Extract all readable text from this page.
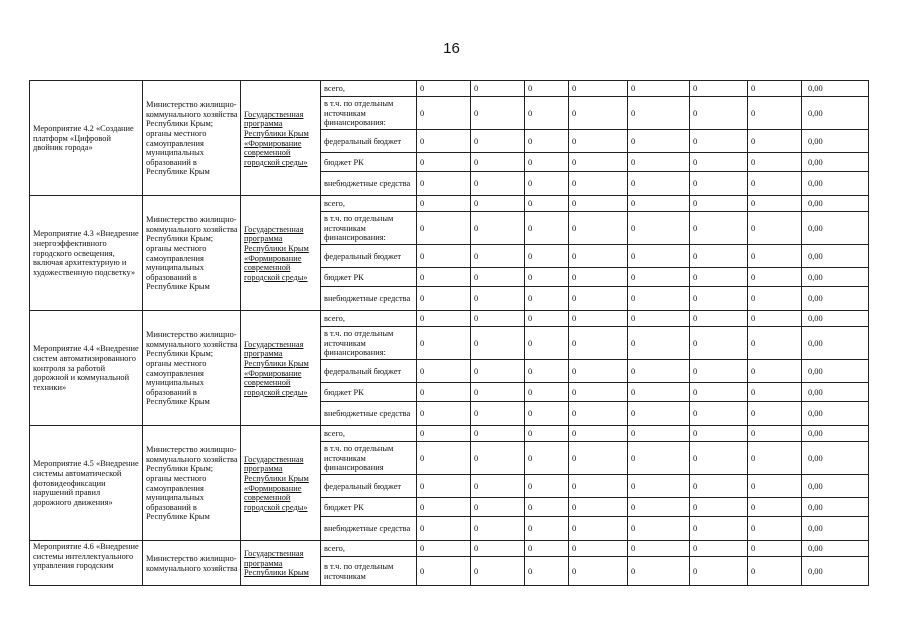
16
Мероприятие 4.2 «Создание платформ «Цифровой двойник города»	Министерство жилищно-коммунального хозяйства Республики Крым; органы местного самоуправления муниципальных образований в Республике Крым	Государственная программа Республики Крым «Формирование современной городской среды»	всего,	0	0	0	0	0	0	0	0,00
			в т.ч. по отдельным источникам финансирования:	0	0	0	0	0	0	0	0,00
			федеральный бюджет	0	0	0	0	0	0	0	0,00
			бюджет РК	0	0	0	0	0	0	0	0,00
			внебюджетные средства	0	0	0	0	0	0	0	0,00
Мероприятие 4.3 «Внедрение энергоэффективного городского освещения, включая архитектурную и художественную подсветку»	Министерство жилищно-коммунального хозяйства Республики Крым; органы местного самоуправления муниципальных образований в Республике Крым	Государственная программа Республики Крым «Формирование современной городской среды»	всего,	0	0	0	0	0	0	0	0,00
			в т.ч. по отдельным источникам финансирования:	0	0	0	0	0	0	0	0,00
			федеральный бюджет	0	0	0	0	0	0	0	0,00
			бюджет РК	0	0	0	0	0	0	0	0,00
			внебюджетные средства	0	0	0	0	0	0	0	0,00
Мероприятие 4.4 «Внедрение систем автоматизированного контроля за работой дорожной и коммунальной техники»	Министерство жилищно-коммунального хозяйства Республики Крым; органы местного самоуправления муниципальных образований в Республике Крым	Государственная программа Республики Крым «Формирование современной городской среды»	всего,	0	0	0	0	0	0	0	0,00
			в т.ч. по отдельным источникам финансирования:	0	0	0	0	0	0	0	0,00
			федеральный бюджет	0	0	0	0	0	0	0	0,00
			бюджет РК	0	0	0	0	0	0	0	0,00
			внебюджетные средства	0	0	0	0	0	0	0	0,00
Мероприятие 4.5 «Внедрение системы автоматической фотовидеофиксации нарушений правил дорожного движения»	Министерство жилищно-коммунального хозяйства Республики Крым; органы местного самоуправления муниципальных образований в Республике Крым	Государственная программа Республики Крым «Формирование современной городской среды»	всего,	0	0	0	0	0	0	0	0,00
			в т.ч. по отдельным источникам финансирования	0	0	0	0	0	0	0	0,00
			федеральный бюджет	0	0	0	0	0	0	0	0,00
			бюджет РК	0	0	0	0	0	0	0	0,00
			внебюджетные средства	0	0	0	0	0	0	0	0,00
Мероприятие 4.6 «Внедрение системы интеллектуального управления городским	Министерство жилищно-коммунального хозяйства	Государственная программа Республики Крым	всего,	0	0	0	0	0	0	0	0,00
			в т.ч. по отдельным источникам	0	0	0	0	0	0	0	0,00
